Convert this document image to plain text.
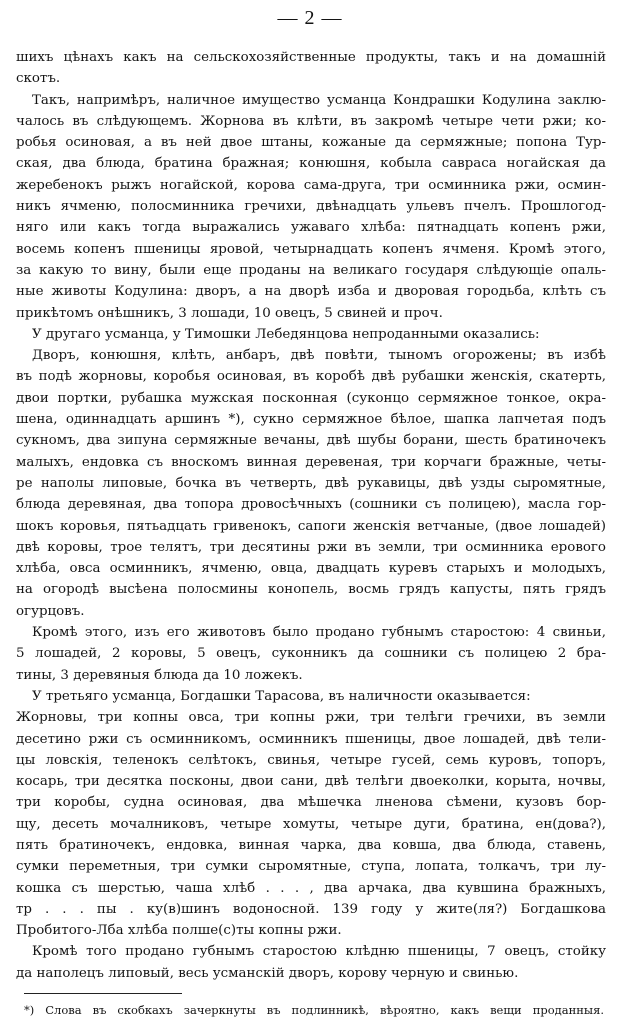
— 2 —
шихъ цѣнахъ какъ на сельскохозяйственные продукты, такъ и на домашній
скотъ.
Такъ, напримѣръ, наличное имущество усманца Кондрашки Кодулина заклю-
чалось въ слѣдующемъ. Жорнова въ клѣти, въ закромѣ четыре чети ржи; ко-
робья осиновая, а въ ней двое штаны, кожаные да сермяжные; попона Тур-
ская, два блюда, братина бражная; конюшня, кобыла савраса ногайская да
жеребенокъ рыжъ ногайской, корова сама-друга, три осминника ржи, осмин-
никъ ячменю, полосминника гречихи, двѣнадцать ульевъ пчелъ. Прошлогод-
няго или какъ тогда выражались ужаваго хлѣба: пятнадцать копенъ ржи,
восемь копенъ пшеницы яровой, четырнадцать копенъ ячменя. Кромѣ этого,
за какую то вину, были еще проданы на великаго государя слѣдующіе опаль-
ные животы Кодулина: дворъ, а на дворѣ изба и дворовая городьба, клѣть съ
прикѣтомъ онѣшникъ, 3 лошади, 10 овецъ, 5 свиней и проч.
У другаго усманца, у Тимошки Лебедянцова непроданными оказались:
Дворъ, конюшня, клѣть, анбаръ, двѣ повѣти, тыномъ огорожены; въ избѣ
въ подѣ жорновы, коробья осиновая, въ коробѣ двѣ рубашки женскія, скатерть,
двои портки, рубашка мужская посконная (суконцо сермяжное тонкое, окра-
шена, одиннадцать аршинъ *), сукно сермяжное бѣлое, шапка лапчетая подъ
сукномъ, два зипуна сермяжные вечаны, двѣ шубы борани, шесть братиночекъ
малыхъ, ендовка съ вноскомъ винная деревеная, три корчаги бражные, четы-
ре наполы липовые, бочка въ четверть, двѣ рукавицы, двѣ узды сыромятные,
блюда деревяная, два топора дровосѣчныхъ (сошники съ полицею), масла гор-
шокъ коровья, пятьадцать гривенокъ, сапоги женскія ветчаные, (двое лошадей)
двѣ коровы, трое телятъ, три десятины ржи въ земли, три осминника ерового
хлѣба, овса осминникъ, ячменю, овца, двадцать куревъ старыхъ и молодыхъ,
на огородѣ высѣена полосмины конопель, восмь грядъ капусты, пять грядъ
огурцовъ.
Кромѣ этого, изъ его животовъ было продано губнымъ старостою: 4 свиньи,
5 лошадей, 2 коровы, 5 овецъ, суконникъ да сошники съ полицею 2 бра-
тины, 3 деревяныя блюда да 10 ложекъ.
У третьяго усманца, Богдашки Тарасова, въ наличности оказывается:
Жорновы, три копны овса, три копны ржи, три телѣги гречихи, въ земли
десетино ржи съ осминникомъ, осминникъ пшеницы, двое лошадей, двѣ тели-
цы ловскія, теленокъ селѣтокъ, свинья, четыре гусей, семь куровъ, топоръ,
косарь, три десятка посконы, двои сани, двѣ телѣги двоеколки, корыта, ночвы,
три коробы, судна осиновая, два мѣшечка лненова сѣмени, кузовъ бор-
щу, десеть мочалниковъ, четыре хомуты, четыре дуги, братина, ен(дова?),
пять братиночекъ, ендовка, винная чарка, два ковша, два блюда, ставень,
сумки переметныя, три сумки сыромятные, ступа, лопата, толкачъ, три лу-
кошка съ шерстью, чаша хлѣб . . . , два арчака, два кувшина бражныхъ,
тр . . . пы . ку(в)шинъ водоносной. 139 году у жите(ля?) Богдашкова
Пробитого-Лба хлѣба полше(с)ты копны ржи.
Кромѣ того продано губнымъ старостою клѣдню пшеницы, 7 овецъ, стойку
да наполецъ липовый, весь усманскій дворъ, корову черную и свинью.
*) Слова въ скобкахъ зачеркнуты въ подлинникѣ, вѣроятно, какъ вещи проданныя.
